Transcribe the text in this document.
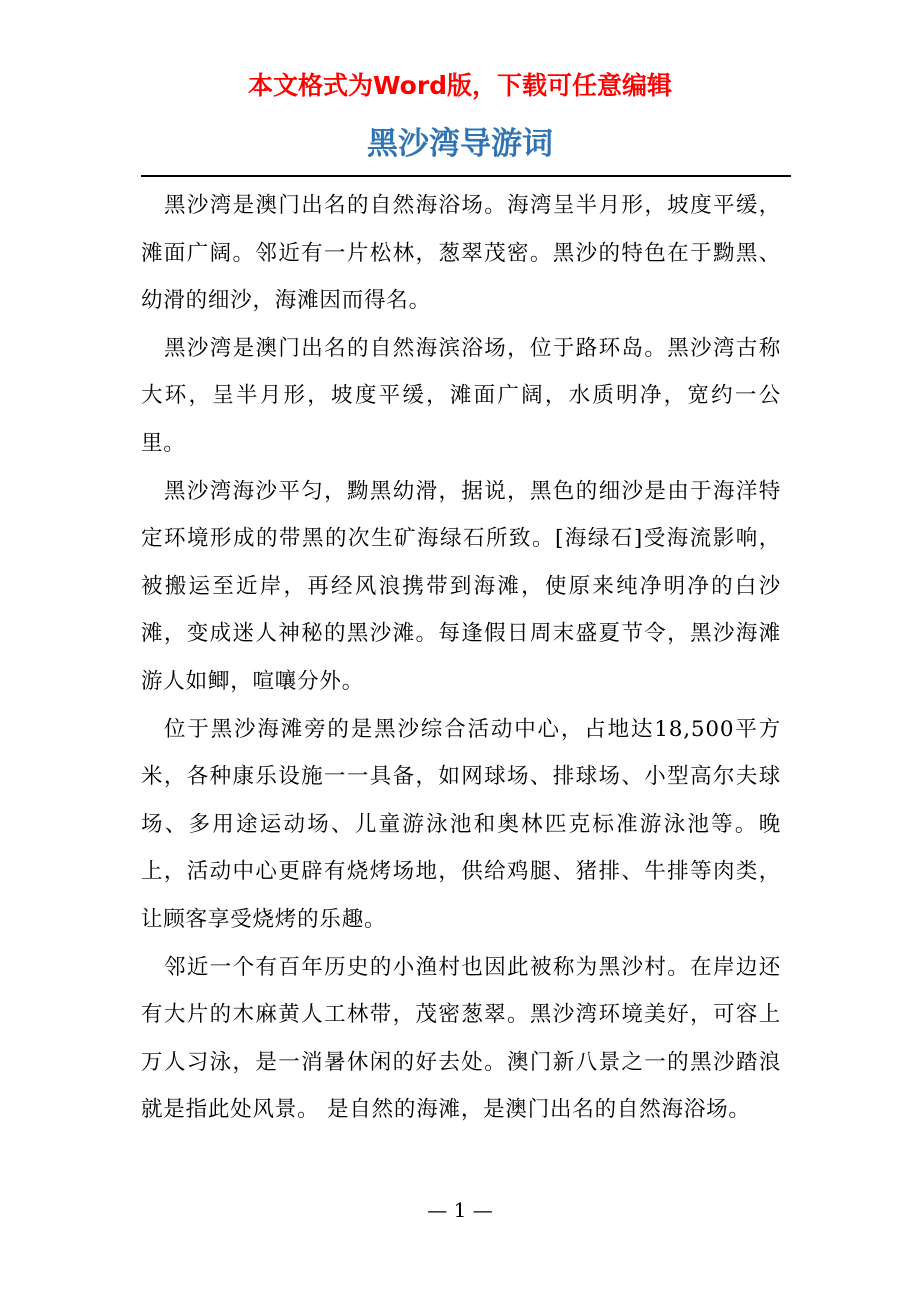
本文格式为Word版，下载可任意编辑
黑沙湾导游词

黑沙湾是澳门出名的自然海浴场。海湾呈半月形，坡度平缓，滩面广阔。邻近有一片松林，葱翠茂密。黑沙的特色在于黝黑、幼滑的细沙，海滩因而得名。

黑沙湾是澳门出名的自然海滨浴场，位于路环岛。黑沙湾古称大环，呈半月形，坡度平缓，滩面广阔，水质明净，宽约一公里。

黑沙湾海沙平匀，黝黑幼滑，据说，黑色的细沙是由于海洋特定环境形成的带黑的次生矿海绿石所致。[海绿石]受海流影响，被搬运至近岸，再经风浪携带到海滩，使原来纯净明净的白沙滩，变成迷人神秘的黑沙滩。每逢假日周末盛夏节令，黑沙海滩游人如鲫，喧嚷分外。

位于黑沙海滩旁的是黑沙综合活动中心，占地达18,500平方米，各种康乐设施一一具备，如网球场、排球场、小型高尔夫球场、多用途运动场、儿童游泳池和奥林匹克标准游泳池等。晚上，活动中心更辟有烧烤场地，供给鸡腿、猪排、牛排等肉类，让顾客享受烧烤的乐趣。

邻近一个有百年历史的小渔村也因此被称为黑沙村。在岸边还有大片的木麻黄人工林带，茂密葱翠。黑沙湾环境美好，可容上万人习泳，是一消暑休闲的好去处。澳门新八景之一的黑沙踏浪就是指此处风景。 是自然的海滩，是澳门出名的自然海浴场。

— 1 —
